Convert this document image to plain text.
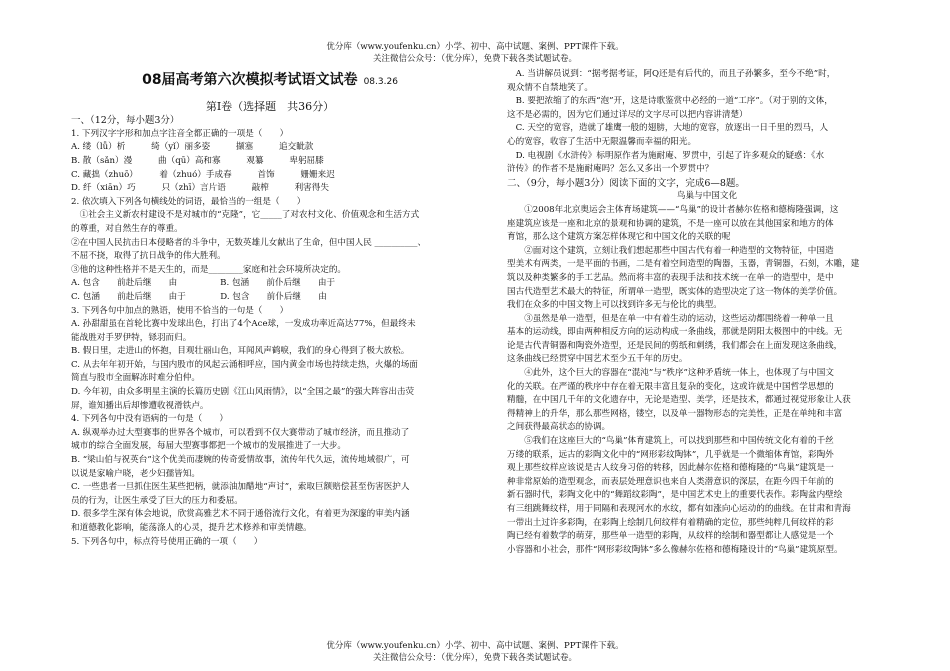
优分库（www.youfenku.cn）小学、初中、高中试题、案例、PPT课件下载。
关注微信公众号：（优分库），免费下载各类试题试卷。
08届高考第六次模拟考试语文试卷 08.3.26
第Ⅰ卷（选择题　共36分）
一、（12分，每小题3分）
1. 下列汉字字形和加点字注音全都正确的一项是（　　）
A. 缕（lǚ）析　　　绮（yǐ）丽多姿　　　撷塞　　　追交眦款
B. 散（sǎn）漫　　　曲（qū）高和寡　　　观纂　　　卑躬屈膝
C. 藏拙（zhuō）　　　着（zhuó）手成春　　　首饰　　　姗姗来迟
D. 纤（xiān）巧　　　只（zhī）言片语　　　敲榨　　　利害得失
2. 依次填入下列各句横线处的词语，最恰当的一组是（　　）
　①社会主义新农村建设不是对城市的“克隆”，它_____了对农村文化、价值观念和生活方式
的尊重，对自然生存的尊重。
②在中国人民抗击日本侵略者的斗争中，无数英雄儿女献出了生命，但中国人民 __________、
不屈不挠，取得了抗日战争的伟大胜利。
③他的这种性格并不是天生的，而是________家庭和社会环境所决定的。
A. 包含　　前赴后继　　由　　　　　B. 包涵　　前仆后继　　由于
C. 包涵　　前赴后继　　由于　　　　D. 包含　　前仆后继　　由
3. 下列各句中加点的熟语，使用不恰当的一句是（　　）
A. 孙甜甜虽在首轮比赛中发球出色，打出了4个Ace球，一发成功率近高达77%，但最终未
能战胜对手罗伊特，铩羽而归。
B. 假日里，走进山的怀抱，目观壮丽山色，耳闻风声鹤唳，我们的身心得到了极大放松。
C. 从去年年初开始，与国内股市的风起云涌相呼应，国内黄金市场也持续走热，火爆的场面
简直与股市全面解冻时难分伯仲。
D. 今年初，由众多明星主演的长篇历史剧《江山风雨情》，以“全国之最”的强大阵容出击荧
屏，谁知播出后却惨遭收视滑铁卢。
4. 下列各句中没有语病的一句是（　　）
A. 纵观举办过大型赛事的世界各个城市，可以看到不仅大赛带动了城市经济，而且推动了
城市的综合全面发展，每届大型赛事都把一个城市的发展推进了一大步。
B. “梁山伯与祝英台”这个优美而凄婉的传奇爱情故事，流传年代久远，流传地域很广，可
以说是家喻户晓，老少妇孺皆知。
C. 一些患者一旦抓住医生某些把柄，就添油加醋地“声讨”，索取巨额赔偿甚至伤害医护人
员的行为，让医生承受了巨大的压力和委屈。
D. 很多学生深有体会地说，欣赏高雅艺术不同于通俗流行文化，有着更为深邃的审美内涵
和道德教化影响，能荡涤人的心灵，提升艺术修养和审美情趣。
5. 下列各句中，标点符号使用正确的一项（　　）
　A. 当讲解员说到：“据考据考证，阿Q还是有后代的，而且子孙繁多，至今不绝”时，
观众情不自禁地笑了。
　B. 要把浓缩了的东西“泡”开，这是诗歌鉴赏中必经的一道“工序”。（对于别的文体，
这不是必需的，因为它们通过详尽的文字尽可以把内容讲清楚）
　C. 天空的宽容，造就了雄鹰一般的翅膀，大地的宽容，放逐出一日千里的烈马，人
心的宽容，收容了生活中无限温馨而幸福的阳光。
　D. 电视剧《水浒传》标明原作者为施耐庵、罗贯中，引起了许多观众的疑惑：《水
浒传》的作者不是施耐庵吗？怎么又多出一个罗贯中？
二、（9分，每小题3分）阅读下面的文字，完成6—8题。
鸟巢与中国文化
　　①2008年北京奥运会主体育场建筑——“鸟巢”的设计者赫尔佐格和德梅隆强调，这
座建筑应该是一座和北京的景观和协调的建筑，不是一座可以放在其他国家和地方的体
育馆，那么这个建筑方案怎样体现它和中国文化的关联的呢
　　②面对这个建筑，立刻让我们想起那些中国古代有着一种造型的文物特征，中国造
型美术有两类，一是平面的书画，二是有着空间造型的陶器，玉器，青铜器，石刻，木雕，建
筑以及种类繁多的手工艺品。然而将丰富的表现手法和技术统一在单一的造型中，是中
国古代造型艺术最大的特征，所谓单一造型，既实体的造型决定了这一物体的美学价值。
我们在众多的中国文物上可以找到许多无与伦比的典型。
　　③虽然是单一造型，但是在单一中有着生动的运动，这些运动都围绕着一种单一且
基本的运动线，即由两种相反方向的运动构成一条曲线，那就是阴阳太极图中的中线。无
论是古代青铜器和陶瓷外造型，还是民间的剪纸和刺绣，我们都会在上面发现这条曲线，
这条曲线已经贯穿中国艺术至少五千年的历史。
　　④此外，这个巨大的容器在“混沌”与“秩序”这种矛盾统一体上，也体现了与中国文
化的关联。在严谨的秩序中存在着无限丰富且复杂的变化，这或许就是中国哲学思想的
精髓，在中国几千年的文化遗存中，无论是造型、美学，还是技术，都通过视觉形象让人获
得精神上的升华，那么那些网格，镂空，以及单一器物形态的完美性，正是在单纯和丰富
之间获得最高状态的协调。
　　⑤我们在这座巨大的“鸟巢”体育建筑上，可以找到那些和中国传统文化有着的千丝
万缕的联系，远古的彩陶文化中的“网形彩纹陶钵”，几乎就是一个微缩体育馆，彩陶外
观上那些纹样应该说是古人纹身习俗的转移，因此赫尔佐格和德梅隆的“鸟巢”建筑是一
种非常原始的造型观念，而表层处理意识也来自人类潜意识的深层，在距今四千年前的
新石器时代，彩陶文化中的“舞蹈纹彩陶”，是中国艺术史上的重要代表作。彩陶盆内壁绘
有三组跳舞纹样，用于同隔和表现河水的水纹，都有如涨向心运动的的曲线。在甘肃和青海
一带出土过许多彩陶，在彩陶上绘制几何纹样有着精确的定位，那些纯粹几何纹样的彩
陶已经有着数学的萌芽，那些单一造型的彩陶，从纹样的绘制和器型都让人感觉是一个
小容器和小社会，那件“网形彩纹陶钵”多么像赫尔佐格和德梅隆设计的“鸟巢”建筑原型。
优分库（www.youfenku.cn）小学、初中、高中试题、案例、PPT课件下载。
关注微信公众号：（优分库），免费下载各类试题试卷。
